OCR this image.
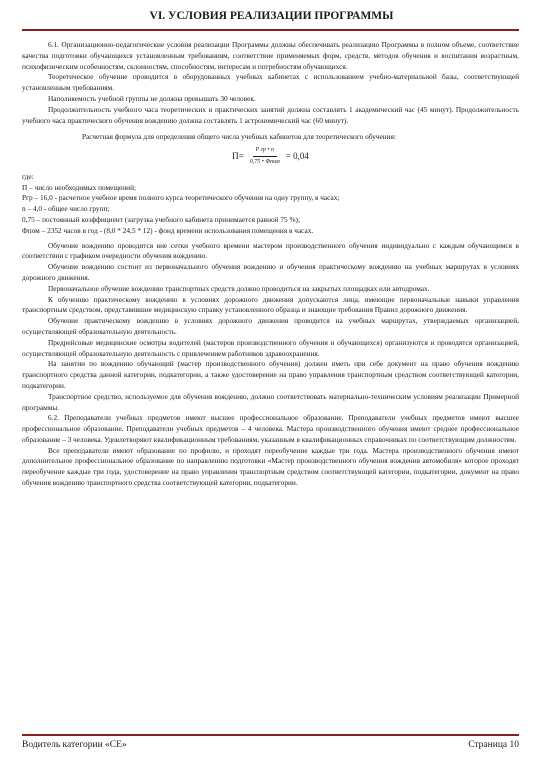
VI. УСЛОВИЯ РЕАЛИЗАЦИИ ПРОГРАММЫ

6.1. Организационно-педагогические условия реализации Программы должны обеспечивать реализацию Программы в полном объеме, соответствие качества подготовки обучающихся установленным требованиям, соответствие применяемых форм, средств, методов обучения и воспитания возрастным, психофизическим особенностям, склонностям, способностям, интересам и потребностям обучающихся.

Теоретическое обучение проводится в оборудованных учебных кабинетах с использованием учебно-материальной базы, соответствующей установленным требованиям.

Наполняемость учебной группы не должна превышать 30 человек.

Продолжительность учебного часа теоретических и практических занятий должна составлять 1 академический час (45 минут). Продолжительность учебного часа практического обучения вождению должна составлять 1 астрономический час (60 минут).

Расчетная формула для определения общего числа учебных кабинетов для теоретического обучения:

$П= \frac{\text{P гр • n}}{\text{0,75 • Фпом}} = 0,04$

где:

П – число необходимых помещений;

Pгр – 16,0 - расчетное учебное время полного курса теоретического обучения на одну группу, в часах;

n – 4,0 - общее число групп;

0,75 – постоянный коэффициент (загрузка учебного кабинета принимается равной 75 %);

Фпом – 2352 часов в год - (8,0 * 24,5 * 12) - фонд времени использования помещения в часах.

Обучение вождению проводится вне сетки учебного времени мастером производственного обучения индивидуально с каждым обучающимся в соответствии с графиком очередности обучения вождению.

Обучение вождению состоит из первоначального обучения вождению и обучения практическому вождению на учебных маршрутах в условиях дорожного движения.

Первоначальное обучение вождению транспортных средств должно проводиться на закрытых площадках или автодромах.

К обучению практическому вождению в условиях дорожного движения допускаются лица, имеющие первоначальные навыки управления транспортным средством, представившие медицинскую справку установленного образца и знающие требования Правил дорожного движения.

Обучение практическому вождению в условиях дорожного движения проводится на учебных маршрутах, утверждаемых организацией, осуществляющей образовательную деятельность.

Предрейсовые медицинские осмотры водителей (мастеров производственного обучения и обучающихся) организуются и проводятся организацией, осуществляющей образовательную деятельность с привлечением работников здравоохранения.

На занятии по вождению обучающий (мастер производственного обучения) должен иметь при себе документ на право обучения вождению транспортного средства данной категории, подкатегории, а также удостоверение на право управления транспортным средством соответствующей категории, подкатегории.

Транспортное средство, используемое для обучения вождению, должно соответствовать материально-техническим условиям реализации Примерной программы.

6.2. Преподаватели учебных предметов имеют высшее профессиональное образование. Преподаватели учебных предметов имеют высшее профессиональное образование. Преподаватели учебных предметов – 4 человека. Мастера производственного обучения имеют среднее профессиональное образование – 3 человека. Удовлетворяют квалификационным требованиям, указанным в квалификационных справочниках по соответствующим должностям.

Все преподаватели имеют образование по профилю, и проходят переобучение каждые три года. Мастера производственного обучения имеют дополнительное профессиональное образование по направлению подготовки «Мастер производственного обучения вождения автомобиля» которое проходят переобучение каждые три года, удостоверение на право управления транспортным средством соответствующей категории, подкатегории, документ на право обучения вождению транспортного средства соответствующей категории, подкатегории.

Водитель категории «СЕ»	Страница 10
